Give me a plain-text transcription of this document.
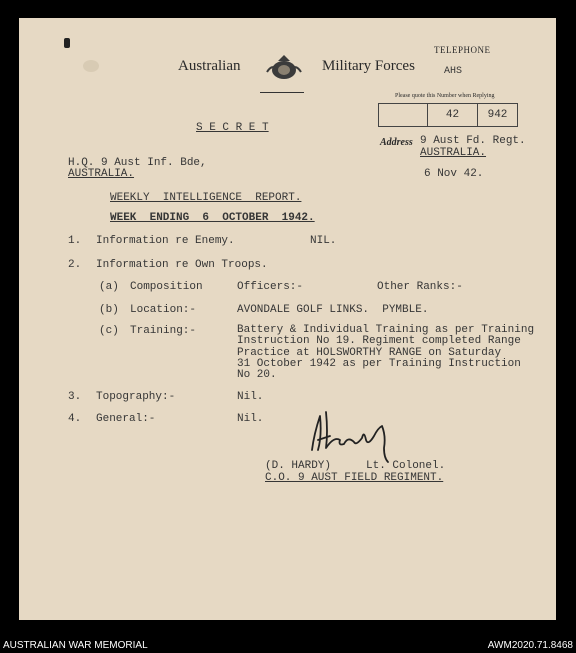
Australian	Military Forces
TELEPHONE
AHS
Please quote this Number when Replying
42	942
Address 9 Aust Fd. Regt.
AUSTRALIA.
6 Nov 42.
S E C R E T
H.Q. 9 Aust Inf. Bde,
AUSTRALIA.
WEEKLY  INTELLIGENCE  REPORT.
WEEK  ENDING  6  OCTOBER  1942.
1. Information re Enemy.	NIL.
2. Information re Own Troops.
(a) Composition	Officers:-	Other Ranks:-
(b) Location:-	AVONDALE GOLF LINKS.  PYMBLE.
(c) Training:-	Battery & Individual Training as per Training
Instruction No 19. Regiment completed Range
Practice at HOLSWORTHY RANGE on Saturday
31 October 1942 as per Training Instruction
No 20.
3. Topography:-	Nil.
4. General:-	Nil.
(D. HARDY)	Lt. Colonel.
C.O. 9 AUST FIELD REGIMENT.
AUSTRALIAN WAR MEMORIAL	AWM2020.71.8468
